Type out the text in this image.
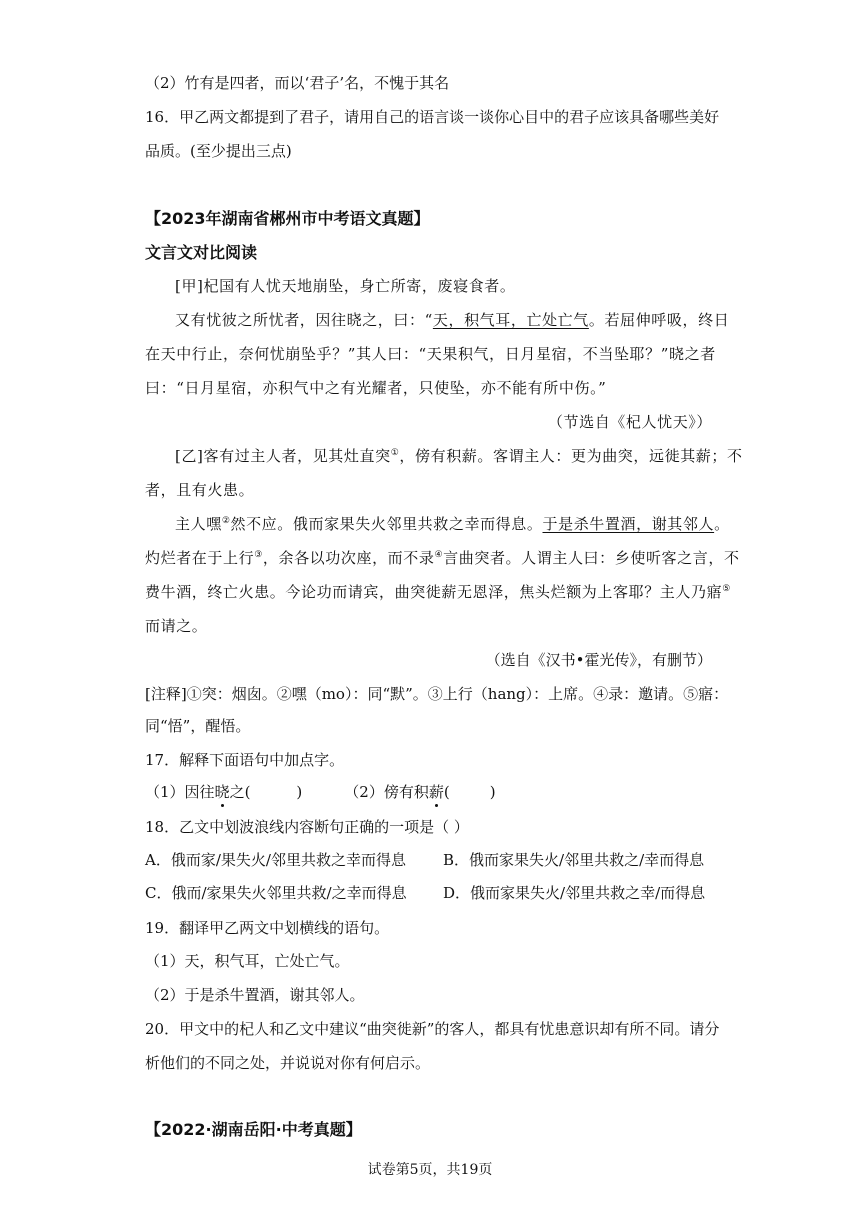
（2）竹有是四者，而以‘君子’名，不愧于其名
16．甲乙两文都提到了君子，请用自己的语言谈一谈你心目中的君子应该具备哪些美好
品质。(至少提出三点)
【2023年湖南省郴州市中考语文真题】
文言文对比阅读
[甲]杞国有人忧天地崩坠，身亡所寄，废寝食者。
又有忧彼之所忧者，因往晓之，曰：“天，积气耳，亡处亡气。若屈伸呼吸，终日
在天中行止，奈何忧崩坠乎？”其人曰：“天果积气，日月星宿，不当坠耶？”晓之者
曰：“日月星宿，亦积气中之有光耀者，只使坠，亦不能有所中伤。”
（节选自《杞人忧天》）
[乙]客有过主人者，见其灶直突①，傍有积薪。客谓主人：更为曲突，远徙其薪；不
者，且有火患。
主人嘿②然不应。俄而家果失火邻里共救之幸而得息。于是杀牛置酒，谢其邻人。
灼烂者在于上行③，余各以功次座，而不录④言曲突者。人谓主人曰：乡使听客之言，不
费牛酒，终亡火患。今论功而请宾，曲突徙薪无恩泽，焦头烂额为上客耶？主人乃寤⑤
而请之。
（选自《汉书•霍光传》，有删节）
[注释]①突：烟囱。②嘿（mo）：同“默”。③上行（hang）：上席。④录：邀请。⑤寤：
同“悟”，醒悟。
17．解释下面语句中加点字。
（1）因往晓之(	)	（2）傍有积薪(	)
18．乙文中划波浪线内容断句正确的一项是（ ）
A．俄而家/果失火/邻里共救之幸而得息 B．俄而家果失火/邻里共救之/幸而得息
C．俄而/家果失火邻里共救/之幸而得息 D．俄而家果失火/邻里共救之幸/而得息
19．翻译甲乙两文中划横线的语句。
（1）天，积气耳，亡处亡气。
（2）于是杀牛置酒，谢其邻人。
20．甲文中的杞人和乙文中建议“曲突徙新”的客人，都具有忧患意识却有所不同。请分
析他们的不同之处，并说说对你有何启示。
【2022·湖南岳阳·中考真题】
试卷第5页，共19页
